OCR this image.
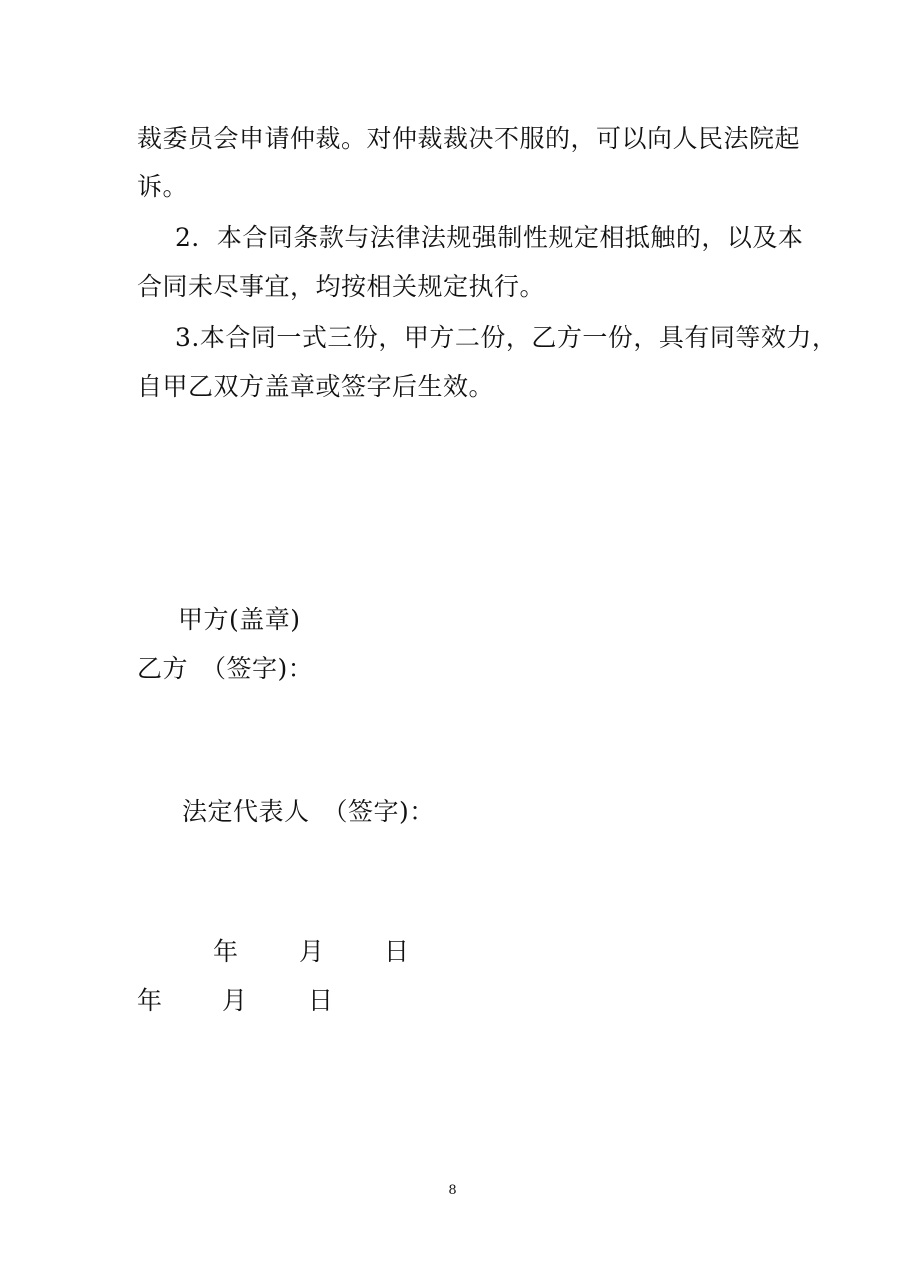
裁委员会申请仲裁。对仲裁裁决不服的，可以向人民法院起
诉。
2．本合同条款与法律法规强制性规定相抵触的，以及本
合同未尽事宜，均按相关规定执行。
3.本合同一式三份，甲方二份，乙方一份，具有同等效力，
自甲乙双方盖章或签字后生效。
甲方(盖章)
乙方　（签字)：
法定代表人　（签字)：
年 月 日
年 月 日
8
